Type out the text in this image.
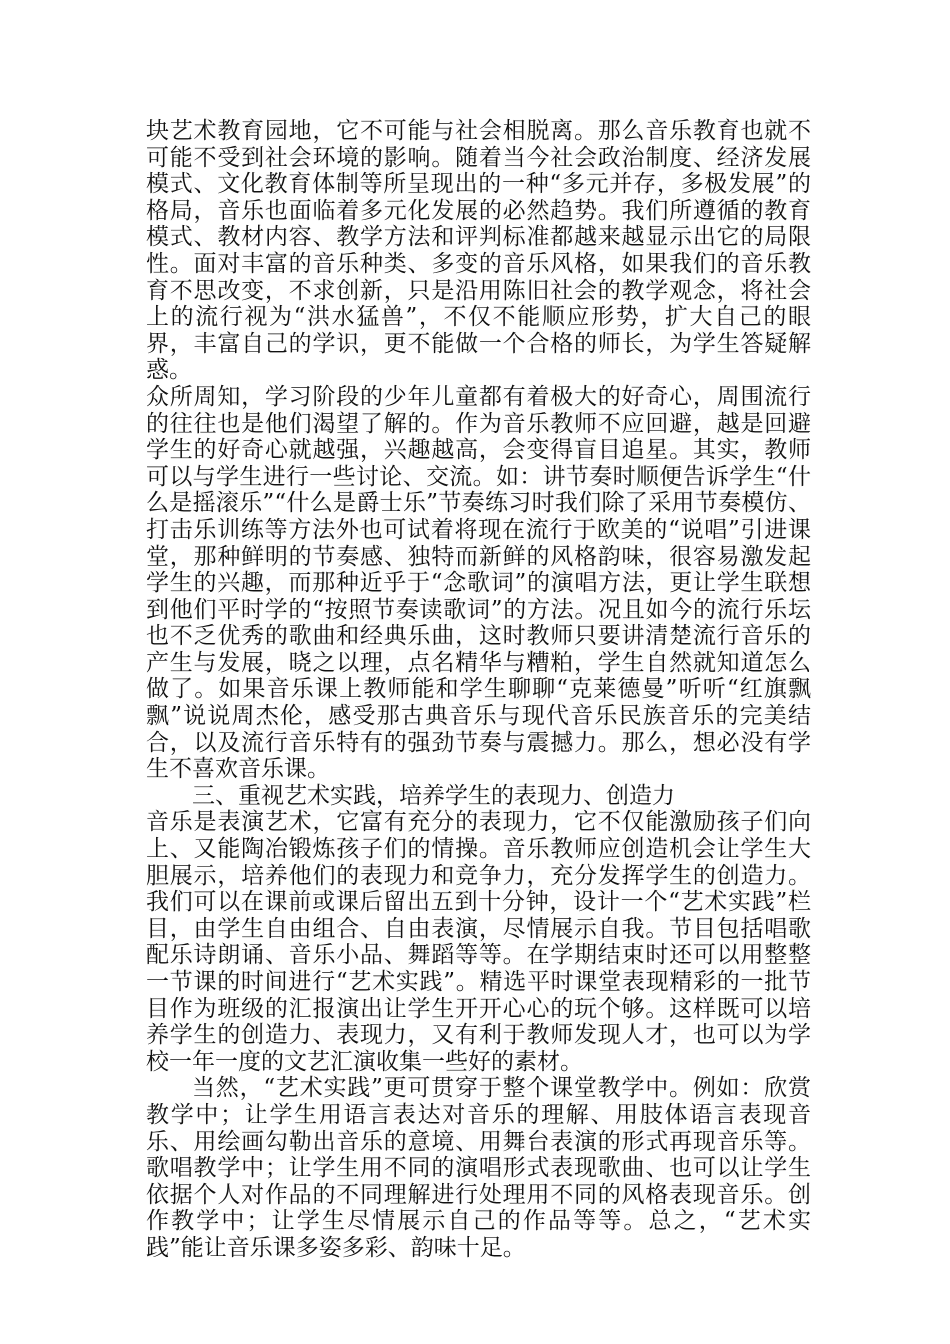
块艺术教育园地，它不可能与社会相脱离。那么音乐教育也就不可能不受到社会环境的影响。随着当今社会政治制度、经济发展模式、文化教育体制等所呈现出的一种“多元并存，多极发展”的格局，音乐也面临着多元化发展的必然趋势。我们所遵循的教育模式、教材内容、教学方法和评判标准都越来越显示出它的局限性。面对丰富的音乐种类、多变的音乐风格，如果我们的音乐教育不思改变，不求创新，只是沿用陈旧社会的教学观念，将社会上的流行视为“洪水猛兽”，不仅不能顺应形势，扩大自己的眼界，丰富自己的学识，更不能做一个合格的师长，为学生答疑解惑。

众所周知，学习阶段的少年儿童都有着极大的好奇心，周围流行的往往也是他们渴望了解的。作为音乐教师不应回避，越是回避学生的好奇心就越强，兴趣越高，会变得盲目追星。其实，教师可以与学生进行一些讨论、交流。如：讲节奏时顺便告诉学生“什么是摇滚乐”“什么是爵士乐”节奏练习时我们除了采用节奏模仿、打击乐训练等方法外也可试着将现在流行于欧美的“说唱”引进课堂，那种鲜明的节奏感、独特而新鲜的风格韵味，很容易激发起学生的兴趣，而那种近乎于“念歌词”的演唱方法，更让学生联想到他们平时学的“按照节奏读歌词”的方法。况且如今的流行乐坛也不乏优秀的歌曲和经典乐曲，这时教师只要讲清楚流行音乐的产生与发展，晓之以理，点名精华与糟粕，学生自然就知道怎么做了。如果音乐课上教师能和学生聊聊“克莱德曼”听听“红旗飘飘”说说周杰伦，感受那古典音乐与现代音乐民族音乐的完美结合，以及流行音乐特有的强劲节奏与震撼力。那么，想必没有学生不喜欢音乐课。

三、重视艺术实践，培养学生的表现力、创造力

音乐是表演艺术，它富有充分的表现力，它不仅能激励孩子们向上、又能陶冶锻炼孩子们的情操。音乐教师应创造机会让学生大胆展示，培养他们的表现力和竞争力，充分发挥学生的创造力。我们可以在课前或课后留出五到十分钟，设计一个“艺术实践”栏目，由学生自由组合、自由表演，尽情展示自我。节目包括唱歌配乐诗朗诵、音乐小品、舞蹈等等。在学期结束时还可以用整整一节课的时间进行“艺术实践”。精选平时课堂表现精彩的一批节目作为班级的汇报演出让学生开开心心的玩个够。这样既可以培养学生的创造力、表现力，又有利于教师发现人才，也可以为学校一年一度的文艺汇演收集一些好的素材。

当然，“艺术实践”更可贯穿于整个课堂教学中。例如：欣赏教学中；让学生用语言表达对音乐的理解、用肢体语言表现音乐、用绘画勾勒出音乐的意境、用舞台表演的形式再现音乐等。歌唱教学中；让学生用不同的演唱形式表现歌曲、也可以让学生依据个人对作品的不同理解进行处理用不同的风格表现音乐。创作教学中；让学生尽情展示自己的作品等等。总之，“艺术实践”能让音乐课多姿多彩、韵味十足。
